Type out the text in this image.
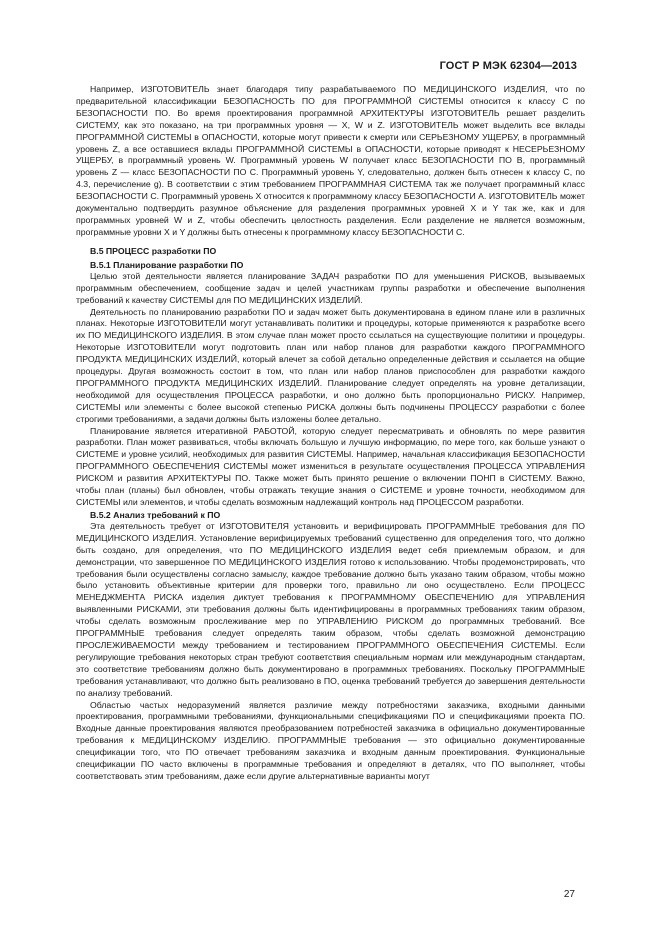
ГОСТ Р МЭК 62304—2013

Например, ИЗГОТОВИТЕЛЬ знает благодаря типу разрабатываемого ПО МЕДИЦИНСКОГО ИЗДЕЛИЯ, что по предварительной классификации БЕЗОПАСНОСТЬ ПО для ПРОГРАММНОЙ СИСТЕМЫ относится к классу С по БЕЗОПАСНОСТИ ПО. Во время проектирования программной АРХИТЕКТУРЫ ИЗГОТОВИТЕЛЬ решает разделить СИСТЕМУ, как это показано, на три программных уровня — X, W и Z. ИЗГОТОВИТЕЛЬ может выделить все вклады ПРОГРАММНОЙ СИСТЕМЫ в ОПАСНОСТИ, которые могут привести к смерти или СЕРЬЕЗНОМУ УЩЕРБУ, в программный уровень Z, а все оставшиеся вклады ПРОГРАММНОЙ СИСТЕМЫ в ОПАСНОСТИ, которые приводят к НЕСЕРЬЕЗНОМУ УЩЕРБУ, в программный уровень W. Программный уровень W получает класс БЕЗОПАСНОСТИ ПО В, программный уровень Z — класс БЕЗОПАСНОСТИ ПО С. Программный уровень Y, следовательно, должен быть отнесен к классу С, по 4.3, перечисление g). В соответствии с этим требованием ПРОГРАММНАЯ СИСТЕМА так же получает программный класс БЕЗОПАСНОСТИ С. Программный уровень X относится к программному классу БЕЗОПАСНОСТИ А. ИЗГОТОВИТЕЛЬ может документально подтвердить разумное объяснение для разделения программных уровней X и Y так же, как и для программных уровней W и Z, чтобы обеспечить целостность разделения. Если разделение не является возможным, программные уровни X и Y должны быть отнесены к программному классу БЕЗОПАСНОСТИ С.

В.5 ПРОЦЕСС разработки ПО

В.5.1 Планирование разработки ПО

Целью этой деятельности является планирование ЗАДАЧ разработки ПО для уменьшения РИСКОВ, вызываемых программным обеспечением, сообщение задач и целей участникам группы разработки и обеспечение выполнения требований к качеству СИСТЕМЫ для ПО МЕДИЦИНСКИХ ИЗДЕЛИЙ.

Деятельность по планированию разработки ПО и задач может быть документирована в едином плане или в различных планах. Некоторые ИЗГОТОВИТЕЛИ могут устанавливать политики и процедуры, которые применяются к разработке всего их ПО МЕДИЦИНСКОГО ИЗДЕЛИЯ. В этом случае план может просто ссылаться на существующие политики и процедуры. Некоторые ИЗГОТОВИТЕЛИ могут подготовить план или набор планов для разработки каждого ПРОГРАММНОГО ПРОДУКТА МЕДИЦИНСКИХ ИЗДЕЛИЙ, который влечет за собой детально определенные действия и ссылается на общие процедуры. Другая возможность состоит в том, что план или набор планов приспособлен для разработки каждого ПРОГРАММНОГО ПРОДУКТА МЕДИЦИНСКИХ ИЗДЕЛИЙ. Планирование следует определять на уровне детализации, необходимой для осуществления ПРОЦЕССА разработки, и оно должно быть пропорционально РИСКУ. Например, СИСТЕМЫ или элементы с более высокой степенью РИСКА должны быть подчинены ПРОЦЕССУ разработки с более строгими требованиями, а задачи должны быть изложены более детально.

Планирование является итеративной РАБОТОЙ, которую следует пересматривать и обновлять по мере развития разработки. План может развиваться, чтобы включать большую и лучшую информацию, по мере того, как больше узнают о СИСТЕМЕ и уровне усилий, необходимых для развития СИСТЕМЫ. Например, начальная классификация БЕЗОПАСНОСТИ ПРОГРАММНОГО ОБЕСПЕЧЕНИЯ СИСТЕМЫ может измениться в результате осуществления ПРОЦЕССА УПРАВЛЕНИЯ РИСКОМ и развития АРХИТЕКТУРЫ ПО. Также может быть принято решение о включении ПОНП в СИСТЕМУ. Важно, чтобы план (планы) был обновлен, чтобы отражать текущие знания о СИСТЕМЕ и уровне точности, необходимом для СИСТЕМЫ или элементов, и чтобы сделать возможным надлежащий контроль над ПРОЦЕССОМ разработки.

В.5.2 Анализ требований к ПО

Эта деятельность требует от ИЗГОТОВИТЕЛЯ установить и верифицировать ПРОГРАММНЫЕ требования для ПО МЕДИЦИНСКОГО ИЗДЕЛИЯ. Установление верифицируемых требований существенно для определения того, что должно быть создано, для определения, что ПО МЕДИЦИНСКОГО ИЗДЕЛИЯ ведет себя приемлемым образом, и для демонстрации, что завершенное ПО МЕДИЦИНСКОГО ИЗДЕЛИЯ готово к использованию. Чтобы продемонстрировать, что требования были осуществлены согласно замыслу, каждое требование должно быть указано таким образом, чтобы можно было установить объективные критерии для проверки того, правильно ли оно осуществлено. Если ПРОЦЕСС МЕНЕДЖМЕНТА РИСКА изделия диктует требования к ПРОГРАММНОМУ ОБЕСПЕЧЕНИЮ для УПРАВЛЕНИЯ выявленными РИСКАМИ, эти требования должны быть идентифицированы в программных требованиях таким образом, чтобы сделать возможным прослеживание мер по УПРАВЛЕНИЮ РИСКОМ до программных требований. Все ПРОГРАММНЫЕ требования следует определять таким образом, чтобы сделать возможной демонстрацию ПРОСЛЕЖИВАЕМОСТИ между требованием и тестированием ПРОГРАММНОГО ОБЕСПЕЧЕНИЯ СИСТЕМЫ. Если регулирующие требования некоторых стран требуют соответствия специальным нормам или международным стандартам, это соответствие требованиям должно быть документировано в программных требованиях. Поскольку ПРОГРАММНЫЕ требования устанавливают, что должно быть реализовано в ПО, оценка требований требуется до завершения деятельности по анализу требований.

Областью частых недоразумений является различие между потребностями заказчика, входными данными проектирования, программными требованиями, функциональными спецификациями ПО и спецификациями проекта ПО. Входные данные проектирования являются преобразованием потребностей заказчика в официально документированные требования к МЕДИЦИНСКОМУ ИЗДЕЛИЮ. ПРОГРАММНЫЕ требования — это официально документированные спецификации того, что ПО отвечает требованиям заказчика и входным данным проектирования. Функциональные спецификации ПО часто включены в программные требования и определяют в деталях, что ПО выполняет, чтобы соответствовать этим требованиям, даже если другие альтернативные варианты могут

27
